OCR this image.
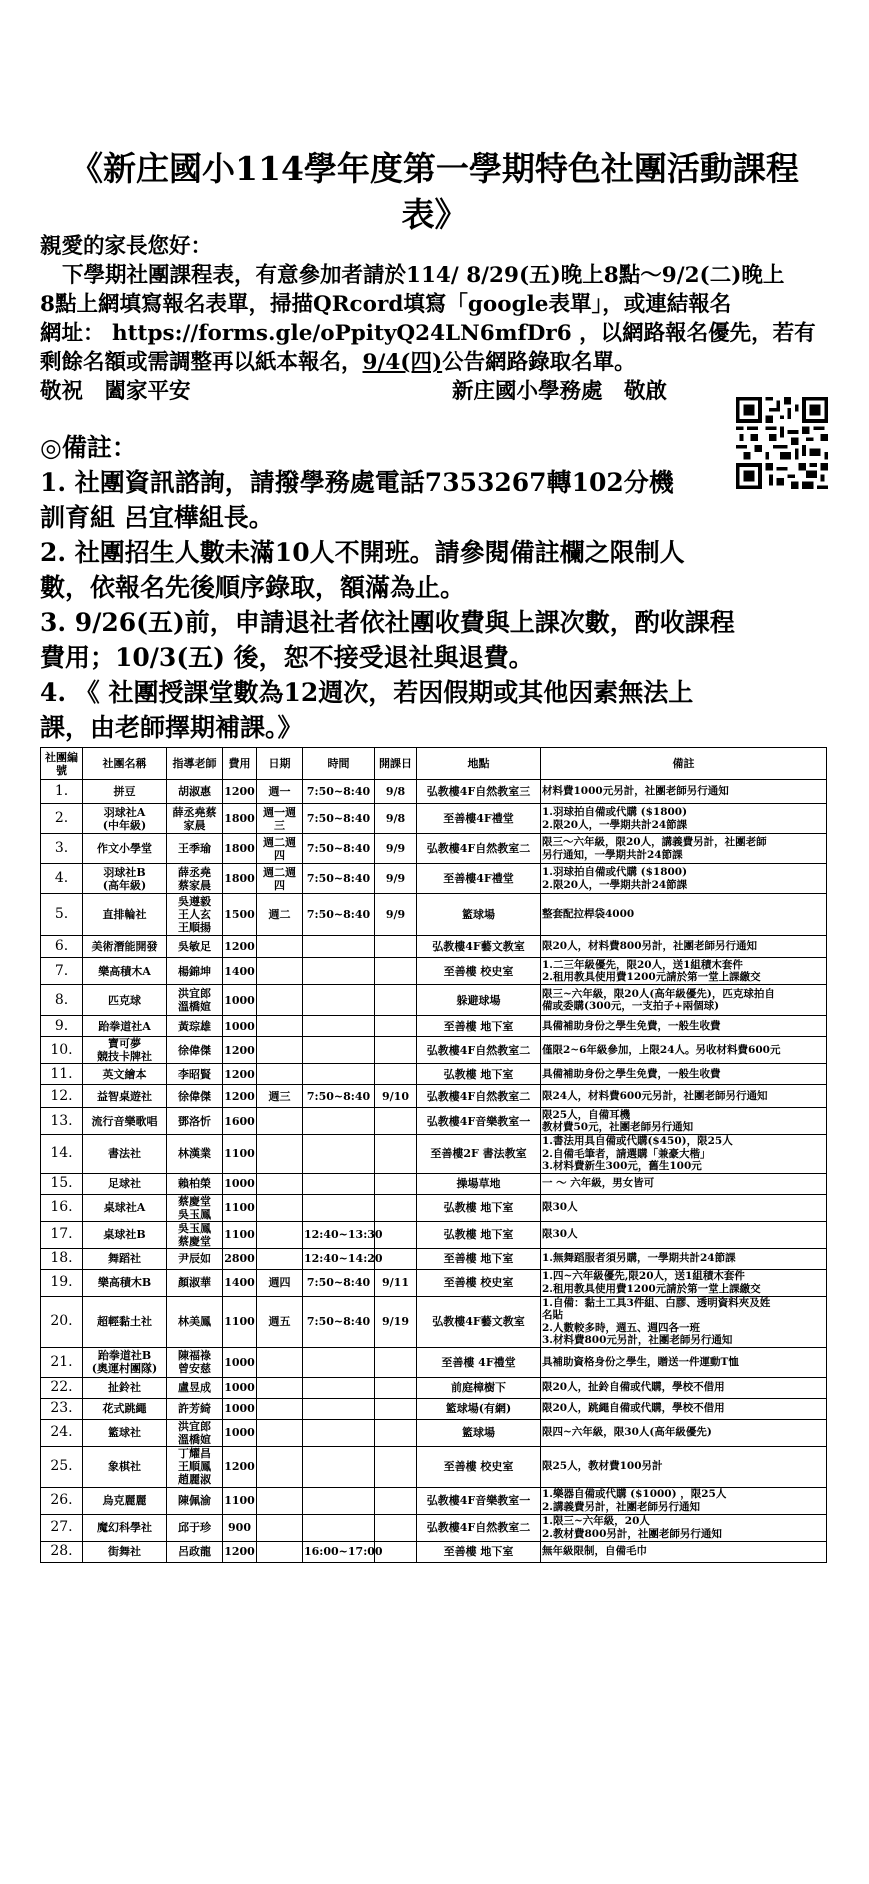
《新庄國小114學年度第一學期特色社團活動課程
表》

親愛的家長您好：

下學期社團課程表，有意參加者請於114/ 8/29(五)晚上8點～9/2(二)晚上

8點上網填寫報名表單，掃描QRcord填寫「google表單」，或連結報名

網址： https://forms.gle/oPpityQ24LN6mfDr6 ，以網路報名優先，若有

剩餘名額或需調整再以紙本報名，9/4(四)公告網路錄取名單。

敬祝　闔家平安	新庄國小學務處　敬啟

◎備註：

1. 社團資訊諮詢，請撥學務處電話7353267轉102分機

訓育組 呂宜樺組長。

2. 社團招生人數未滿10人不開班。請參閱備註欄之限制人

數，依報名先後順序錄取，額滿為止。

3. 9/26(五)前，申請退社者依社團收費與上課次數，酌收課程

費用；10/3(五) 後，恕不接受退社與退費。

4. 《 社團授課堂數為12週次，若因假期或其他因素無法上

課，由老師擇期補課。》

社團編號	社團名稱	指導老師	費用	日期	時間	開課日	地點	備註

1.	拼豆	胡淑惠	1200	週一	7:50~8:40	9/8	弘教樓4F自然教室三	材料費1000元另計，社團老師另行通知

2.	羽球社A
(中年級)	薛丞堯蔡
家晨	1800	週一週
三	7:50~8:40	9/8	至善樓4F禮堂	1.羽球拍自備或代購 ($1800)
2.限20人，一學期共計24節課

3.	作文小學堂	王季瑜	1800	週二週
四	7:50~8:40	9/9	弘教樓4F自然教室二	限三～六年級，限20人，講義費另計，社團老師
另行通知，一學期共計24節課

4.	羽球社B
(高年級)	薛丞堯
蔡家晨	1800	週二週
四	7:50~8:40	9/9	至善樓4F禮堂	1.羽球拍自備或代購 ($1800)
2.限20人，一學期共計24節課

5.	直排輪社	吳遵毅
王人玄
王順揚	1500	週二	7:50~8:40	9/9	籃球場	整套配拉桿袋4000

6.	美術潛能開發	吳敏足	1200				弘教樓4F藝文教室	限20人，材料費800另計，社團老師另行通知

7.	樂高積木A	楊錦坤	1400				至善樓 校史室	1.二三年級優先，限20人，送1組積木套件
2.租用教具使用費1200元請於第一堂上課繳交

8.	匹克球	洪宜郎
溫橋媗	1000				躲避球場	限三~六年級，限20人(高年級優先)，匹克球拍自
備或委購(300元，一支拍子+兩個球)

9.	跆拳道社A	黃琮雄	1000				至善樓 地下室	具備補助身份之學生免費，一般生收費

10.	寶可夢
競技卡牌社	徐偉傑	1200				弘教樓4F自然教室二	僅限2~6年級參加，上限24人。另收材料費600元

11.	英文繪本	李昭賢	1200				弘教樓 地下室	具備補助身份之學生免費，一般生收費

12.	益智桌遊社	徐偉傑	1200	週三	7:50~8:40	9/10	弘教樓4F自然教室二	限24人，材料費600元另計，社團老師另行通知

13.	流行音樂歌唱	鄧洛忻	1600				弘教樓4F音樂教室一	限25人，自備耳機
教材費50元，社團老師另行通知

14.	書法社	林漢業	1100				至善樓2F 書法教室	1.書法用具自備或代購($450)，限25人
2.自備毛筆者，請選購「兼豪大楷」
3.材料費新生300元，舊生100元

15.	足球社	賴柏榮	1000				操場草地	一 ～ 六年級，男女皆可

16.	桌球社A	蔡慶堂
吳玉鳳	1100				弘教樓 地下室	限30人

17.	桌球社B	吳玉鳳
蔡慶堂	1100		12:40~13:30		弘教樓 地下室	限30人

18.	舞蹈社	尹辰如	2800		12:40~14:20		至善樓 地下室	1.無舞蹈服者須另購，一學期共計24節課

19.	樂高積木B	顏淑華	1400	週四	7:50~8:40	9/11	至善樓 校史室	1.四~六年級優先,限20人，送1組積木套件
2.租用教具使用費1200元請於第一堂上課繳交

20.	超輕黏土社	林美鳳	1100	週五	7:50~8:40	9/19	弘教樓4F藝文教室	1.自備：黏土工具3件組、白膠、透明資料夾及姓
名貼
2.人數較多時，週五、週四各一班
3.材料費800元另計，社團老師另行通知

21.	跆拳道社B
(奧運村團隊)	陳福祿
曾安慈	1000				至善樓 4F禮堂	具補助資格身份之學生，贈送一件運動T恤

22.	扯鈴社	盧昱成	1000				前庭樟樹下	限20人，扯鈴自備或代購，學校不借用

23.	花式跳繩	許芳綺	1000				籃球場(有網)	限20人，跳繩自備或代購，學校不借用

24.	籃球社	洪宜郎
溫橋媗	1000				籃球場	限四~六年級，限30人(高年級優先)

25.	象棋社	丁耀昌
王順鳳
趙麗淑	1200				至善樓 校史室	限25人，教材費100另計

26.	烏克麗麗	陳佩渝	1100				弘教樓4F音樂教室一	1.樂器自備或代購 ($1000) ，限25人
2.講義費另計，社團老師另行通知

27.	魔幻科學社	邱于珍	900				弘教樓4F自然教室二	1.限三~六年級，20人
2.教材費800另計，社團老師另行通知

28.	街舞社	呂政龍	1200		16:00~17:00		至善樓 地下室	無年級限制，自備毛巾
